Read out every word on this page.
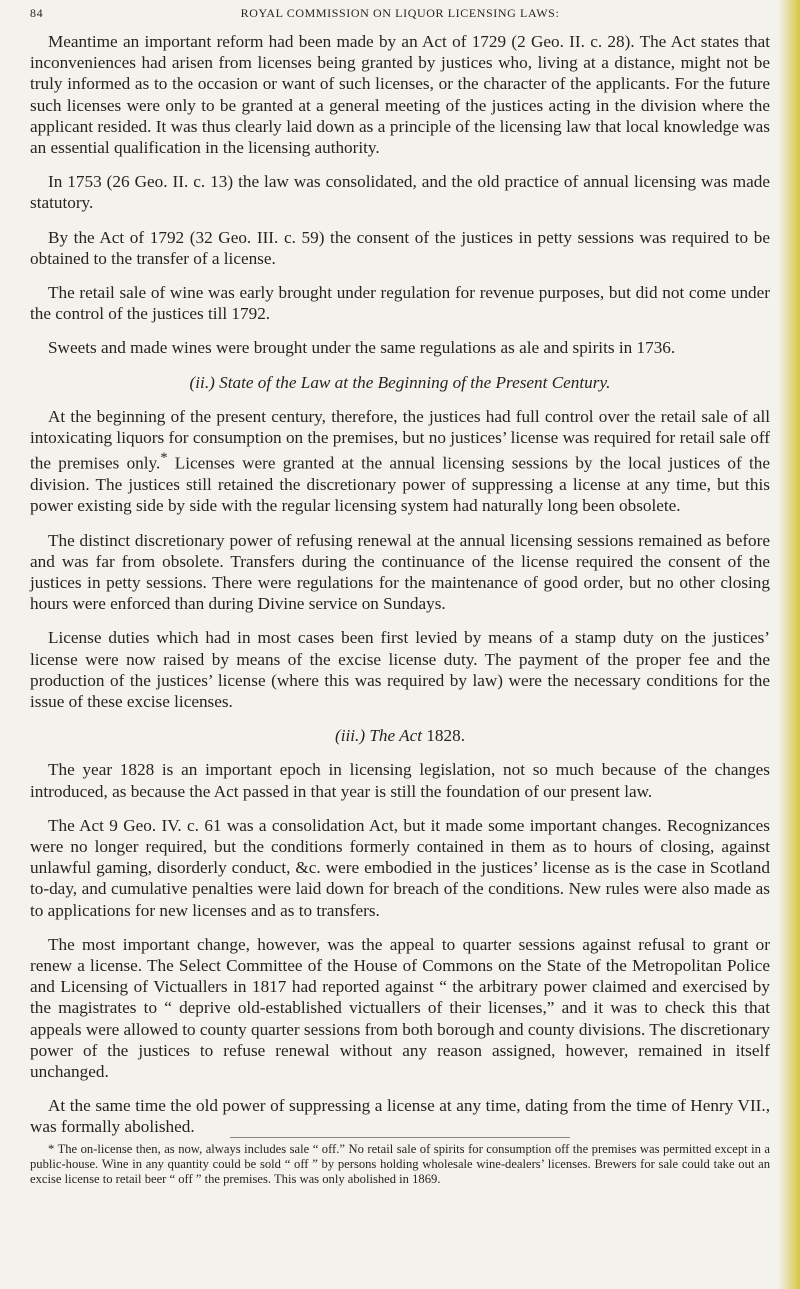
84	ROYAL COMMISSION ON LIQUOR LICENSING LAWS:

Meantime an important reform had been made by an Act of 1729 (2 Geo. II. c. 28). The Act states that inconveniences had arisen from licenses being granted by justices who, living at a distance, might not be truly informed as to the occasion or want of such licenses, or the character of the applicants. For the future such licenses were only to be granted at a general meeting of the justices acting in the division where the applicant resided. It was thus clearly laid down as a principle of the licensing law that local knowledge was an essential qualification in the licensing authority.

In 1753 (26 Geo. II. c. 13) the law was consolidated, and the old practice of annual licensing was made statutory.

By the Act of 1792 (32 Geo. III. c. 59) the consent of the justices in petty sessions was required to be obtained to the transfer of a license.

The retail sale of wine was early brought under regulation for revenue purposes, but did not come under the control of the justices till 1792.

Sweets and made wines were brought under the same regulations as ale and spirits in 1736.

(ii.) State of the Law at the Beginning of the Present Century.

At the beginning of the present century, therefore, the justices had full control over the retail sale of all intoxicating liquors for consumption on the premises, but no justices’ license was required for retail sale off the premises only.* Licenses were granted at the annual licensing sessions by the local justices of the division. The justices still retained the discretionary power of suppressing a license at any time, but this power existing side by side with the regular licensing system had naturally long been obsolete.

The distinct discretionary power of refusing renewal at the annual licensing sessions remained as before and was far from obsolete. Transfers during the continuance of the license required the consent of the justices in petty sessions. There were regulations for the maintenance of good order, but no other closing hours were enforced than during Divine service on Sundays.

License duties which had in most cases been first levied by means of a stamp duty on the justices’ license were now raised by means of the excise license duty. The payment of the proper fee and the production of the justices’ license (where this was required by law) were the necessary conditions for the issue of these excise licenses.

(iii.) The Act 1828.

The year 1828 is an important epoch in licensing legislation, not so much because of the changes introduced, as because the Act passed in that year is still the foundation of our present law.

The Act 9 Geo. IV. c. 61 was a consolidation Act, but it made some important changes. Recognizances were no longer required, but the conditions formerly contained in them as to hours of closing, against unlawful gaming, disorderly conduct, &c. were embodied in the justices’ license as is the case in Scotland to-day, and cumulative penalties were laid down for breach of the conditions. New rules were also made as to applications for new licenses and as to transfers.

The most important change, however, was the appeal to quarter sessions against refusal to grant or renew a license. The Select Committee of the House of Commons on the State of the Metropolitan Police and Licensing of Victuallers in 1817 had reported against “ the arbitrary power claimed and exercised by the magistrates to “ deprive old-established victuallers of their licenses,” and it was to check this that appeals were allowed to county quarter sessions from both borough and county divisions. The discretionary power of the justices to refuse renewal without any reason assigned, however, remained in itself unchanged.

At the same time the old power of suppressing a license at any time, dating from the time of Henry VII., was formally abolished.

* The on-license then, as now, always includes sale “ off.” No retail sale of spirits for consumption off the premises was permitted except in a public-house. Wine in any quantity could be sold “ off ” by persons holding wholesale wine-dealers’ licenses. Brewers for sale could take out an excise license to retail beer “ off ” the premises. This was only abolished in 1869.
